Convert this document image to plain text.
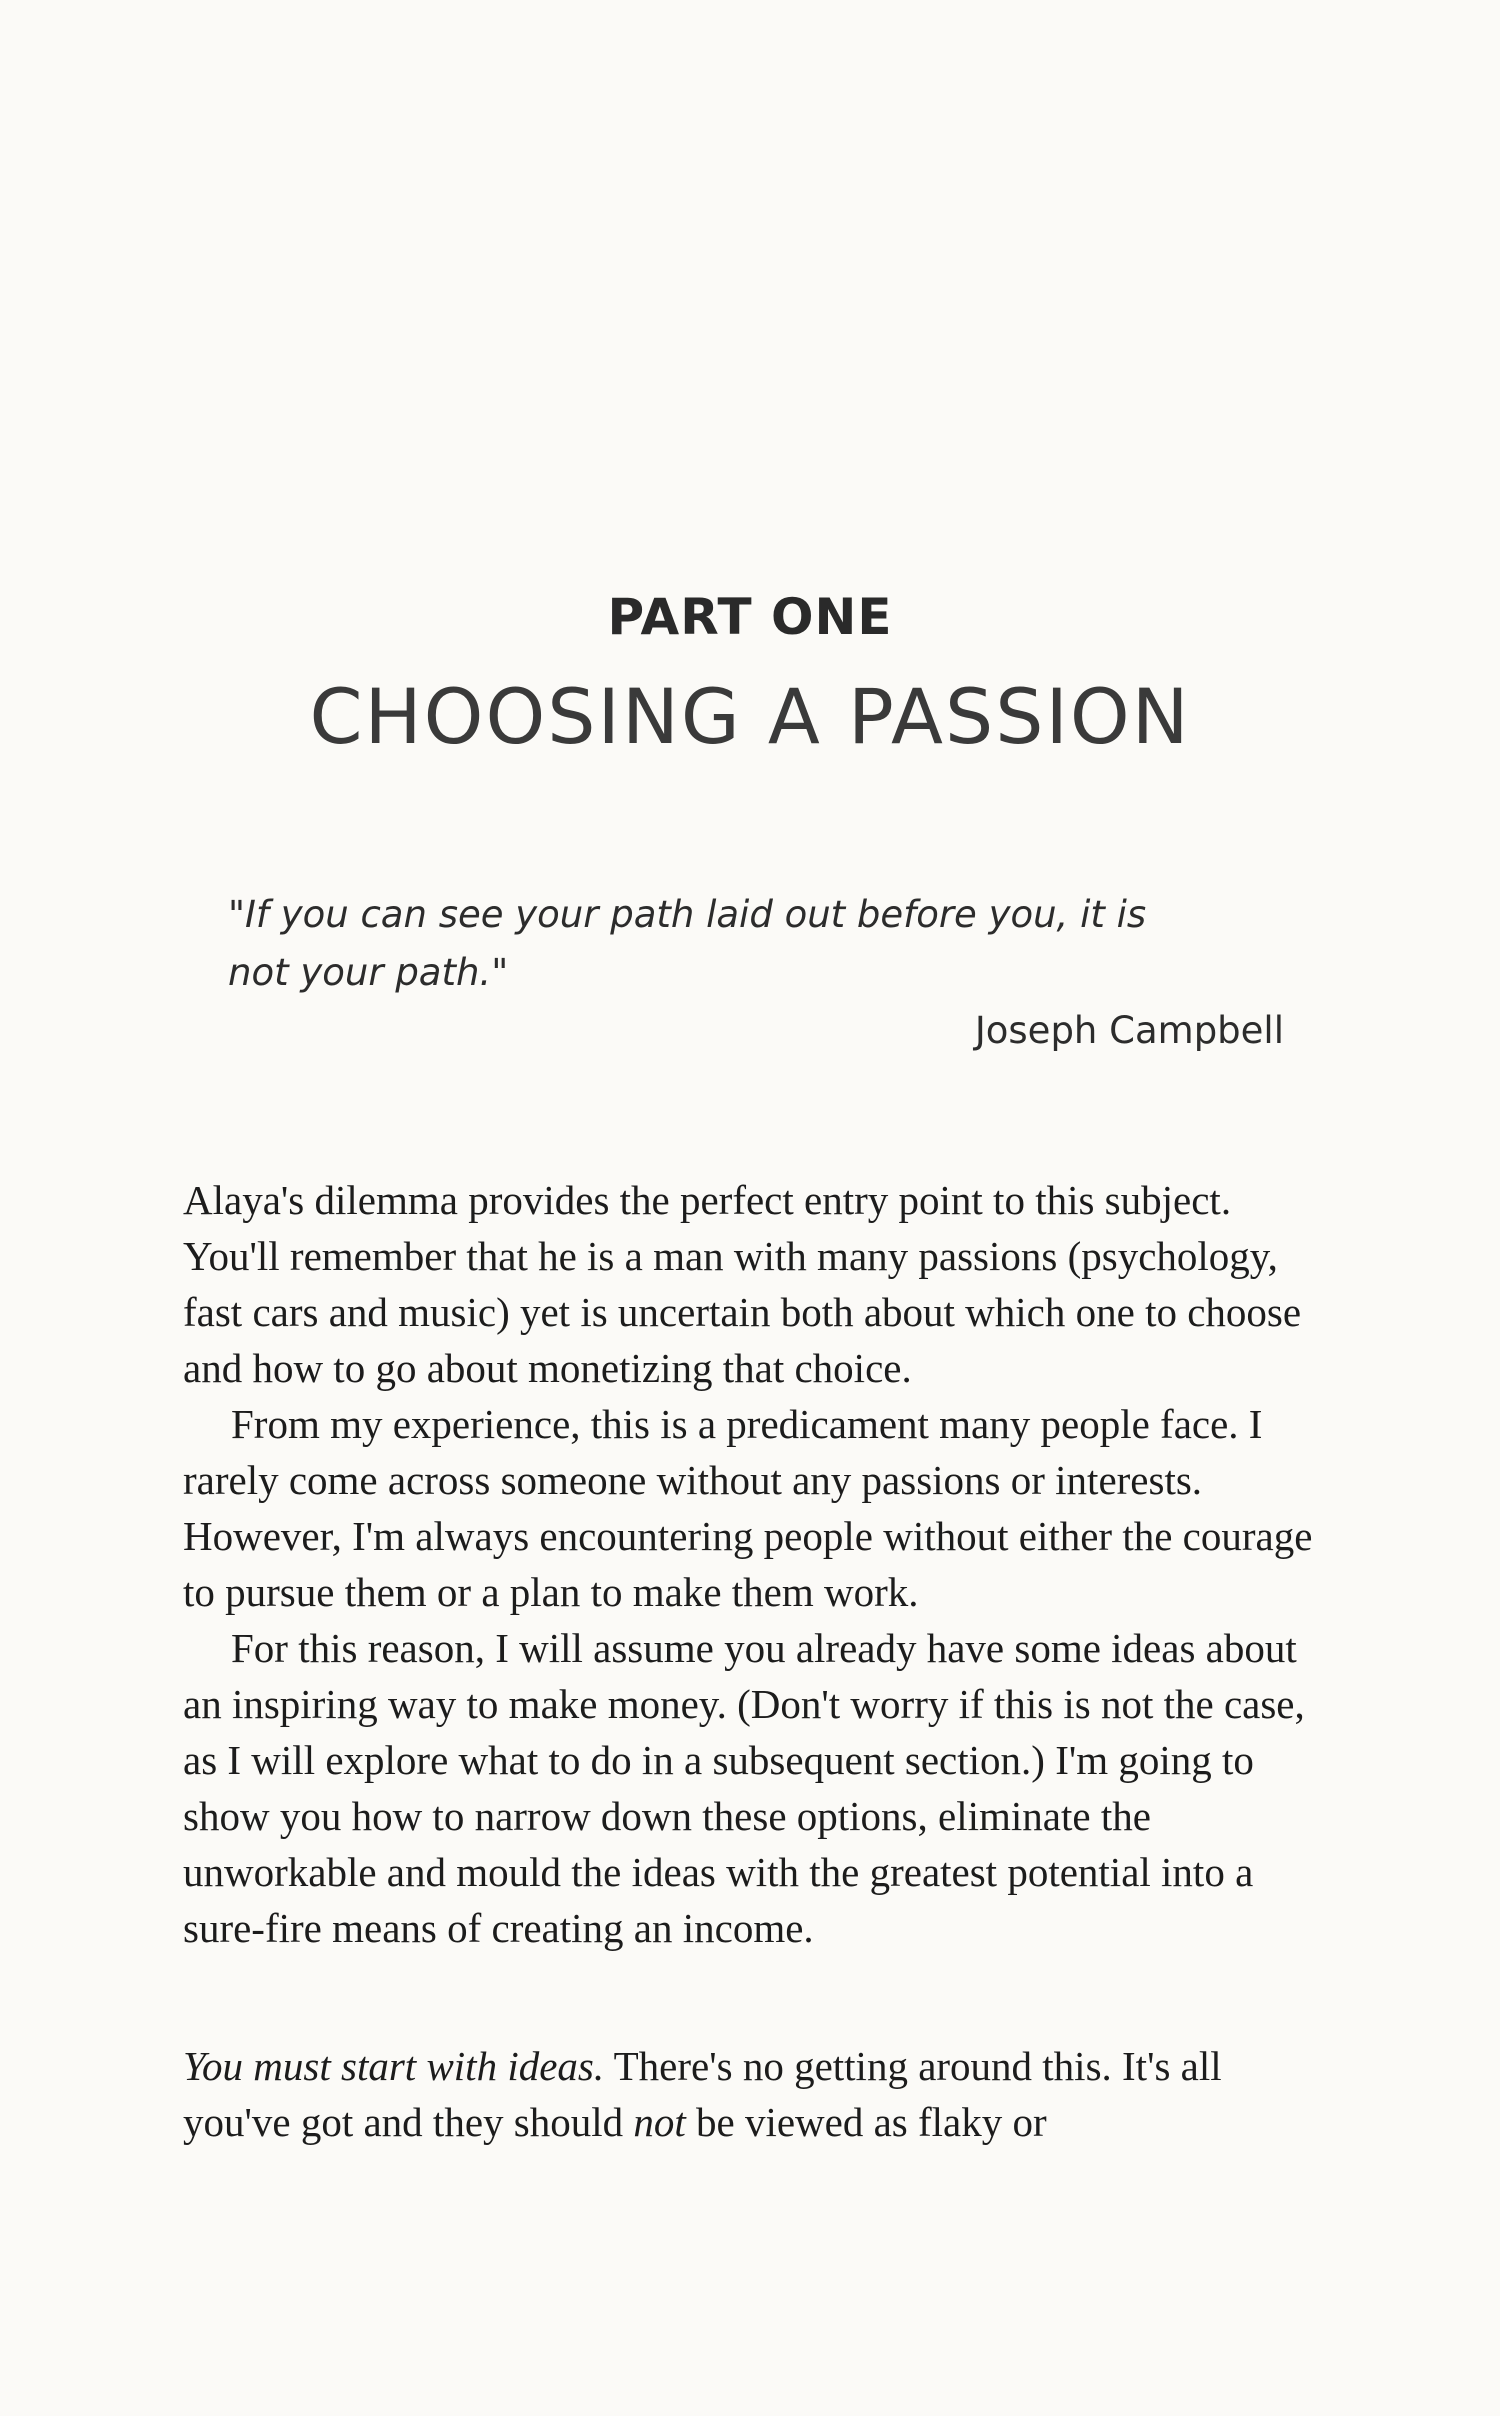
PART ONE
CHOOSING A PASSION

"If you can see your path laid out before you, it is not your path."

Joseph Campbell

Alaya's dilemma provides the perfect entry point to this subject. You'll remember that he is a man with many passions (psychology, fast cars and music) yet is uncertain both about which one to choose and how to go about monetizing that choice.

From my experience, this is a predicament many people face. I rarely come across someone without any passions or interests. However, I'm always encountering people without either the courage to pursue them or a plan to make them work.

For this reason, I will assume you already have some ideas about an inspiring way to make money. (Don't worry if this is not the case, as I will explore what to do in a subsequent section.) I'm going to show you how to narrow down these options, eliminate the unworkable and mould the ideas with the greatest potential into a sure-fire means of creating an income.

You must start with ideas. There's no getting around this. It's all you've got and they should not be viewed as flaky or
